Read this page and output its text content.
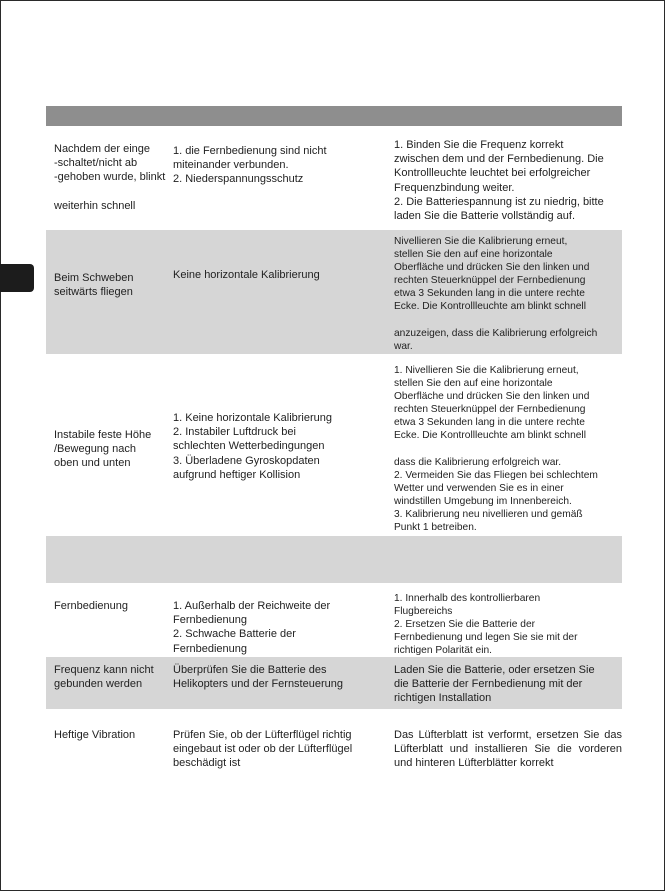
Nachdem der einge
-schaltet/nicht ab
-gehoben wurde, blinkt

weiterhin schnell

1. die Fernbedienung sind nicht
miteinander verbunden.
2. Niederspannungsschutz

1. Binden Sie die Frequenz korrekt
zwischen dem und der Fernbedienung. Die
Kontrollleuchte leuchtet bei erfolgreicher
Frequenzbindung weiter.
2. Die Batteriespannung ist zu niedrig, bitte
laden Sie die Batterie vollständig auf.

Beim Schweben
seitwärts fliegen

Keine horizontale Kalibrierung

Nivellieren Sie die Kalibrierung erneut,
stellen Sie den auf eine horizontale
Oberfläche und drücken Sie den linken und
rechten Steuerknüppel der Fernbedienung
etwa 3 Sekunden lang in die untere rechte
Ecke. Die Kontrollleuchte am blinkt schnell

anzuzeigen, dass die Kalibrierung erfolgreich
war.

Instabile feste Höhe
/Bewegung nach
oben und unten

1. Keine horizontale Kalibrierung
2. Instabiler Luftdruck bei
schlechten Wetterbedingungen
3. Überladene Gyroskopdaten
aufgrund heftiger Kollision

1. Nivellieren Sie die Kalibrierung erneut,
stellen Sie den auf eine horizontale
Oberfläche und drücken Sie den linken und
rechten Steuerknüppel der Fernbedienung
etwa 3 Sekunden lang in die untere rechte
Ecke. Die Kontrollleuchte am blinkt schnell

dass die Kalibrierung erfolgreich war.
2. Vermeiden Sie das Fliegen bei schlechtem
Wetter und verwenden Sie es in einer
windstillen Umgebung im Innenbereich.
3. Kalibrierung neu nivellieren und gemäß
Punkt 1 betreiben.

Fernbedienung	1. Außerhalb der Reichweite der
Fernbedienung
2. Schwache Batterie der
Fernbedienung

1. Innerhalb des kontrollierbaren
Flugbereichs
2. Ersetzen Sie die Batterie der
Fernbedienung und legen Sie sie mit der
richtigen Polarität ein.

Frequenz kann nicht
gebunden werden

Überprüfen Sie die Batterie des
Helikopters und der Fernsteuerung

Laden Sie die Batterie, oder ersetzen Sie
die Batterie der Fernbedienung mit der
richtigen Installation

Heftige Vibration	Prüfen Sie, ob der Lüfterflügel richtig
eingebaut ist oder ob der Lüfterflügel
beschädigt ist

Das Lüfterblatt ist verformt, ersetzen Sie das Lüfterblatt und installieren Sie die vorderen und hinteren Lüfterblätter korrekt
